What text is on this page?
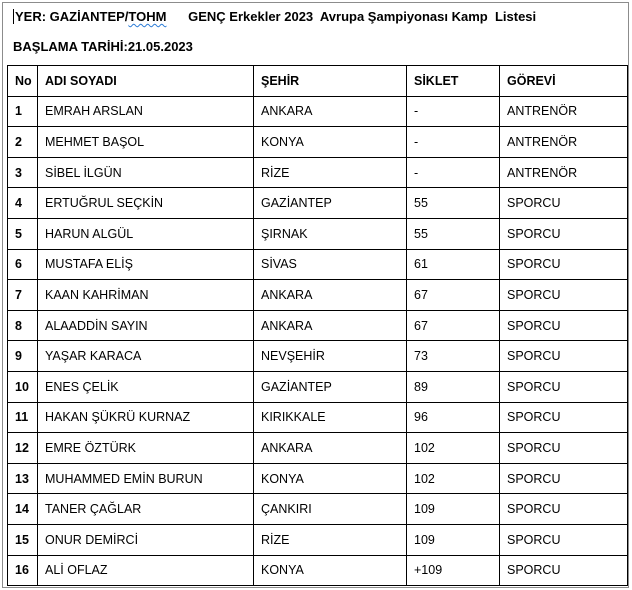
YER: GAZİANTEP/TOHM      GENÇ Erkekler 2023  Avrupa Şampiyonası Kamp  Listesi
BAŞLAMA TARİHİ:21.05.2023
No	ADI SOYADI	ŞEHİR	SİKLET	GÖREVİ
1	EMRAH ARSLAN	ANKARA	-	ANTRENÖR
2	MEHMET BAŞOL	KONYA	-	ANTRENÖR
3	SİBEL İLGÜN	RİZE	-	ANTRENÖR
4	ERTUĞRUL SEÇKİN	GAZİANTEP	55	SPORCU
5	HARUN ALGÜL	ŞIRNAK	55	SPORCU
6	MUSTAFA ELİŞ	SİVAS	61	SPORCU
7	KAAN KAHRİMAN	ANKARA	67	SPORCU
8	ALAADDİN SAYIN	ANKARA	67	SPORCU
9	YAŞAR KARACA	NEVŞEHİR	73	SPORCU
10	ENES ÇELİK	GAZİANTEP	89	SPORCU
11	HAKAN ŞÜKRÜ KURNAZ	KIRIKKALE	96	SPORCU
12	EMRE ÖZTÜRK	ANKARA	102	SPORCU
13	MUHAMMED EMİN BURUN	KONYA	102	SPORCU
14	TANER ÇAĞLAR	ÇANKIRI	109	SPORCU
15	ONUR DEMİRCİ	RİZE	109	SPORCU
16	ALİ OFLAZ	KONYA	+109	SPORCU
